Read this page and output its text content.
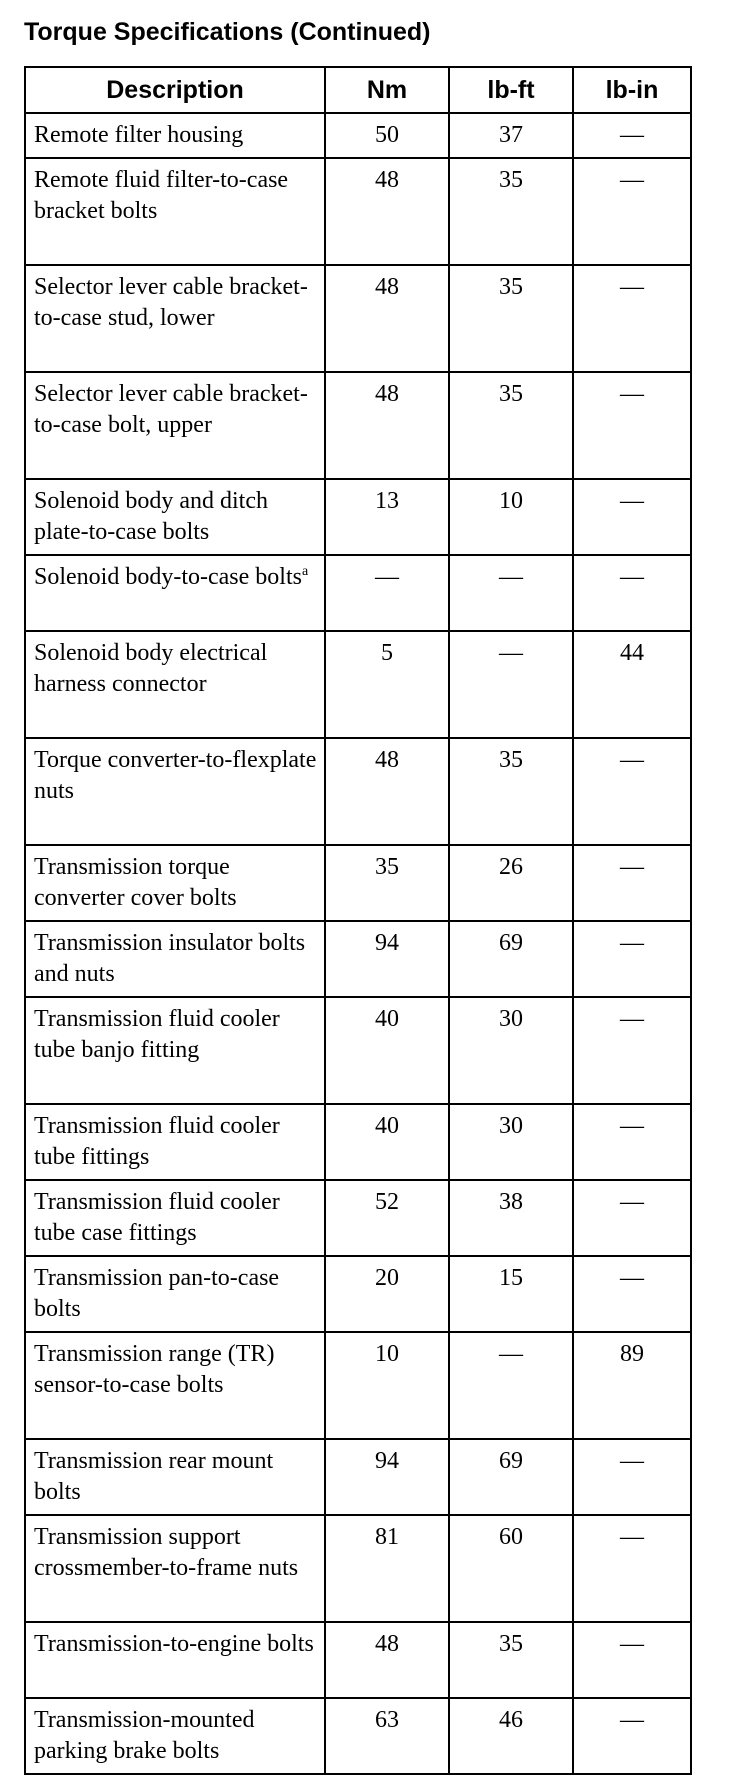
Torque Specifications (Continued)
Description	Nm	lb-ft	lb-in
Remote filter housing	50	37	—
Remote fluid filter-to-case bracket bolts	48	35	—
Selector lever cable bracket-to-case stud, lower	48	35	—
Selector lever cable bracket-to-case bolt, upper	48	35	—
Solenoid body and ditch plate-to-case bolts	13	10	—
Solenoid body-to-case bolts$^a$	—	—	—
Solenoid body electrical harness connector	5	—	44
Torque converter-to-flexplate nuts	48	35	—
Transmission torque converter cover bolts	35	26	—
Transmission insulator bolts and nuts	94	69	—
Transmission fluid cooler tube banjo fitting	40	30	—
Transmission fluid cooler tube fittings	40	30	—
Transmission fluid cooler tube case fittings	52	38	—
Transmission pan-to-case bolts	20	15	—
Transmission range (TR) sensor-to-case bolts	10	—	89
Transmission rear mount bolts	94	69	—
Transmission support crossmember-to-frame nuts	81	60	—
Transmission-to-engine bolts	48	35	—
Transmission-mounted parking brake bolts	63	46	—
